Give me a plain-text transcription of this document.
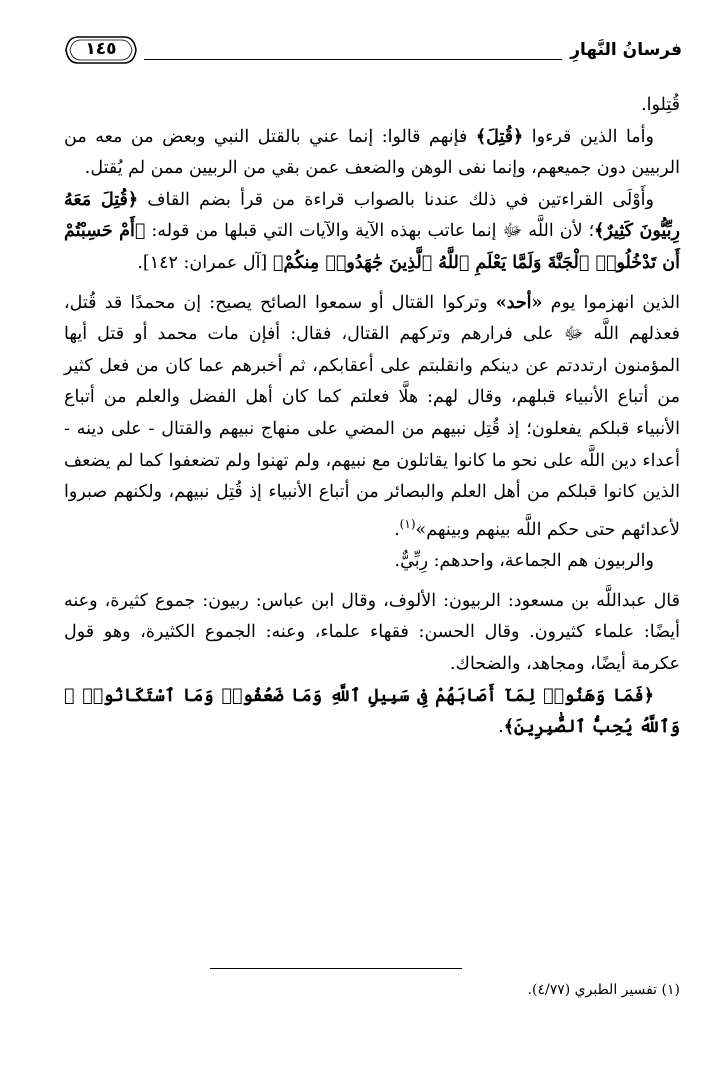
١٤٥	فرسانُ النَّهارِ

قُتِلوا.

وأما الذين قرءوا ﴿قُتِلَ﴾ فإنهم قالوا: إنما عني بالقتل النبي وبعض من معه من الربيين دون جميعهم، وإنما نفى الوهن والضعف عمن بقي من الربيين ممن لم يُقتل.

وأَوْلَى القراءتين في ذلك عندنا بالصواب قراءة من قرأ بضم القاف ﴿قُتِلَ مَعَهُ رِبِّيُّونَ كَثِيرٌ﴾؛ لأن اللَّه ﷻ إنما عاتب بهذه الآية والآيات التي قبلها من قوله: ﴿أَمْ حَسِبْتُمْ أَن تَدْخُلُوا۟ ٱلْجَنَّةَ وَلَمَّا يَعْلَمِ ٱللَّهُ ٱلَّذِينَ جَٰهَدُوا۟ مِنكُمْ﴾ [آل عمران: ١٤٢].

الذين انهزموا يوم «أحد» وتركوا القتال أو سمعوا الصائح يصيح: إن محمدًا قد قُتل، فعذلهم اللَّه ﷻ على فرارهم وتركهم القتال، فقال: أفإن مات محمد أو قتل أيها المؤمنون ارتددتم عن دينكم وانقلبتم على أعقابكم، ثم أخبرهم عما كان من فعل كثير من أتباع الأنبياء قبلهم، وقال لهم: هلَّا فعلتم كما كان أهل الفضل والعلم من أتباع الأنبياء قبلكم يفعلون؛ إذ قُتِل نبيهم من المضي على منهاج نبيهم والقتال - على دينه - أعداء دين اللَّه على نحو ما كانوا يقاتلون مع نبيهم، ولم تهنوا ولم تضعفوا كما لم يضعف الذين كانوا قبلكم من أهل العلم والبصائر من أتباع الأنبياء إذ قُتِل نبيهم، ولكنهم صبروا لأعدائهم حتى حكم اللَّه بينهم وبينهم»$^{(١)}$.

والربيون هم الجماعة، واحدهم: رِبِّيٌّ.

قال عبداللَّه بن مسعود: الربيون: الألوف، وقال ابن عباس: ربيون: جموع كثيرة، وعنه أيضًا: علماء كثيرون. وقال الحسن: فقهاء علماء، وعنه: الجموع الكثيرة، وهو قول عكرمة أيضًا، ومجاهد، والضحاك.

﴿فَمَا وَهَنُوا۟ لِمَآ أَصَابَهُمْ فِى سَبِيلِ ٱللَّهِ وَمَا ضَعُفُوا۟ وَمَا ٱسْتَكَانُوا۟ ۗ وَٱللَّهُ يُحِبُّ ٱلصَّٰبِرِينَ﴾.

(١) تفسير الطبري (٤/٧٧).
